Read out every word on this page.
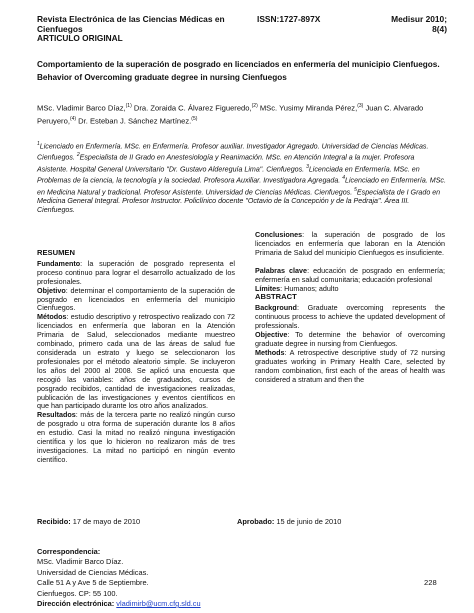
Revista Electrónica de las Ciencias Médicas en Cienfuegos
ISSN:1727-897X	Medisur 2010; 8(4)
ARTICULO ORIGINAL
Comportamiento de la superación de posgrado en licenciados en enfermería del municipio Cienfuegos.
Behavior of Overcoming graduate degree in nursing Cienfuegos
MSc. Vladimir Barco Díaz,$^{(1)}$ Dra. Zoraida C. Álvarez Figueredo,$^{(2)}$ MSc. Yusimy Miranda Pérez,$^{(3)}$ Juan C. Alvarado Peruyero,$^{(4)}$ Dr. Esteban J. Sánchez Martínez.$^{(5)}$
$^1$Licenciado en Enfermería. MSc. en Enfermería. Profesor auxiliar. Investigador Agregado. Universidad de Ciencias Médicas. Cienfuegos. $^2$Especialista de II Grado en Anestesiología y Reanimación. MSc. en Atención Integral a la mujer. Profesora Asistente. Hospital General Universitario "Dr. Gustavo Aldereguía Lima". Cienfuegos. $^3$Licenciada en Enfermería. MSc. en Problemas de la ciencia, la tecnología y la sociedad. Profesora Auxiliar. Investigadora Agregada. $^4$Licenciado en Enfermería. MSc. en Medicina Natural y tradicional. Profesor Asistente. Universidad de Ciencias Médicas. Cienfuegos. $^5$Especialista de I Grado en Medicina General Integral. Profesor Instructor. Policlínico docente "Octavio de la Concepción y de la Pedraja". Área III. Cienfuegos.

RESUMEN

Fundamento: la superación de posgrado representa el proceso continuo para lograr el desarrollo actualizado de los profesionales.

Objetivo: determinar el comportamiento de la superación de posgrado en licenciados en enfermería del municipio Cienfuegos.

Métodos: estudio descriptivo y retrospectivo realizado con 72 licenciados en enfermería que laboran en la Atención Primaria de Salud, seleccionados mediante muestreo combinado, primero cada una de las áreas de salud fue considerada un estrato y luego se seleccionaron los profesionales por el método aleatorio simple. Se incluyeron los años del 2000 al 2008. Se aplicó una encuesta que recogió las variables: años de graduados, cursos de posgrado recibidos, cantidad de investigaciones realizadas, publicación de las investigaciones y eventos científicos en que han participado durante los otro años analizados.

Resultados: más de la tercera parte no realizó ningún curso de posgrado u otra forma de superación durante los 8 años en estudio. Casi la mitad no realizó ninguna investigación científica y los que lo hicieron no realizaron más de tres investigaciones. La mitad no participó en ningún evento científico.

Conclusiones: la superación de posgrado de los licenciados en enfermería que laboran en la Atención Primaria de Salud del municipio Cienfuegos es insuficiente.

Palabras clave: educación de posgrado en enfermería; enfermería en salud comunitaria; educación profesional

Límites: Humanos; adulto

ABSTRACT

Background: Graduate overcoming represents the continuous process to achieve the updated development of professionals.

Objective: To determine the behavior of overcoming graduate degree in nursing from Cienfuegos.

Methods: A retrospective descriptive study of 72 nursing graduates working in Primary Health Care, selected by random combination, first each of the areas of health was considered a stratum and then the

Recibido: 17 de mayo de 2010	Aprobado: 15 de junio de 2010
Correspondencia:
MSc. Vladimir Barco Díaz.
Universidad de Ciencias Médicas.
Calle 51 A y Ave 5 de Septiembre.
Cienfuegos. CP: 55 100.
Dirección electrónica: vladimirb@ucm.cfg.sld.cu
228
